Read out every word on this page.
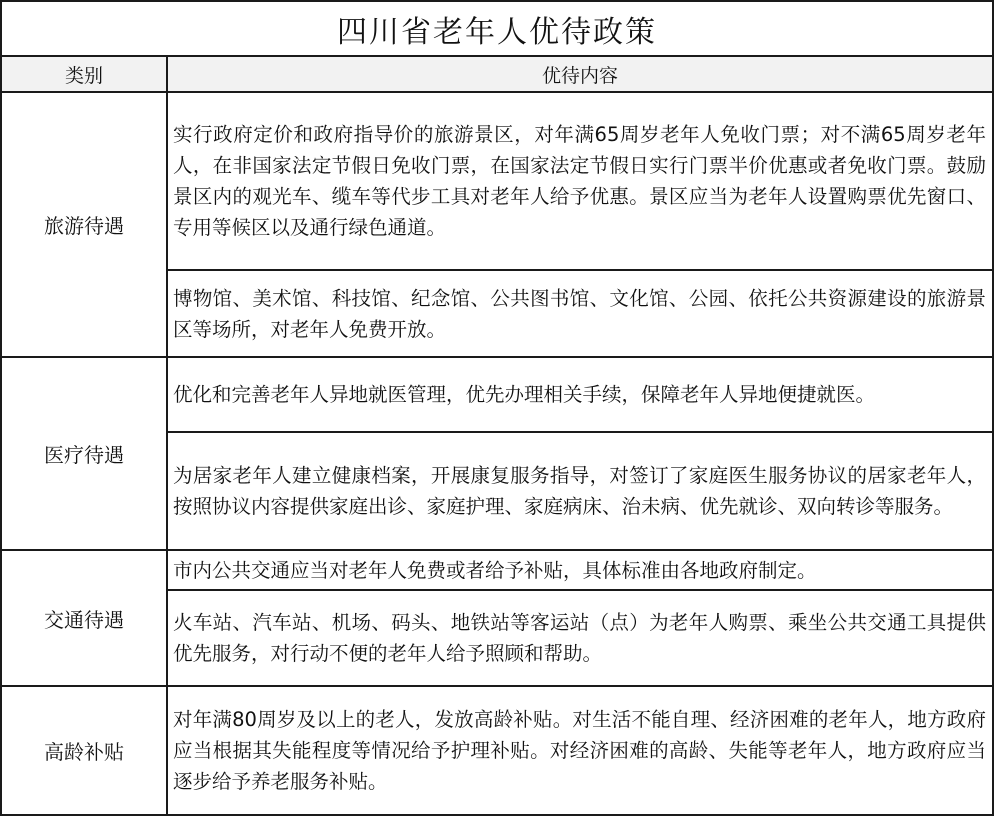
四川省老年人优待政策	
类别	优待内容
旅游待遇	实行政府定价和政府指导价的旅游景区，对年满65周岁老年人免收门票；对不满65周岁老年人，在非国家法定节假日免收门票，在国家法定节假日实行门票半价优惠或者免收门票。鼓励景区内的观光车、缆车等代步工具对老年人给予优惠。景区应当为老年人设置购票优先窗口、专用等候区以及通行绿色通道。
	博物馆、美术馆、科技馆、纪念馆、公共图书馆、文化馆、公园、依托公共资源建设的旅游景区等场所，对老年人免费开放。
医疗待遇	优化和完善老年人异地就医管理，优先办理相关手续，保障老年人异地便捷就医。
	为居家老年人建立健康档案，开展康复服务指导，对签订了家庭医生服务协议的居家老年人，按照协议内容提供家庭出诊、家庭护理、家庭病床、治未病、优先就诊、双向转诊等服务。
交通待遇	市内公共交通应当对老年人免费或者给予补贴，具体标准由各地政府制定。
	火车站、汽车站、机场、码头、地铁站等客运站（点）为老年人购票、乘坐公共交通工具提供优先服务，对行动不便的老年人给予照顾和帮助。
高龄补贴	对年满80周岁及以上的老人，发放高龄补贴。对生活不能自理、经济困难的老年人，地方政府应当根据其失能程度等情况给予护理补贴。对经济困难的高龄、失能等老年人，地方政府应当逐步给予养老服务补贴。
